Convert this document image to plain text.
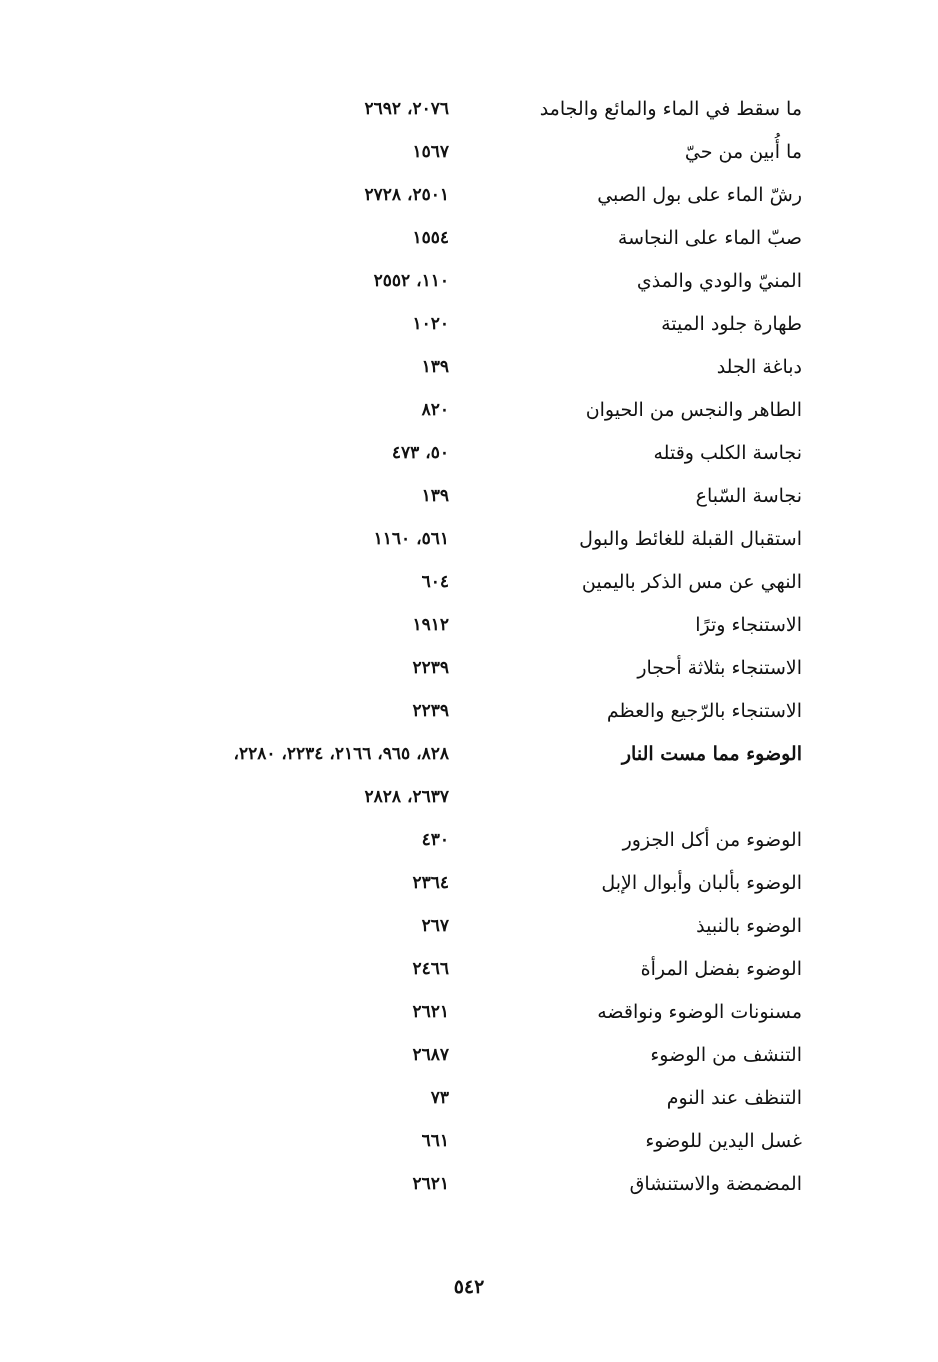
ما سقط في الماء والمائع والجامد
٢٠٧٦، ٢٦٩٢
ما أُبين من حيّ
١٥٦٧
رشّ الماء على بول الصبي
٢٥٠١، ٢٧٢٨
صبّ الماء على النجاسة
١٥٥٤
المنيّ والودي والمذي
١١٠، ٢٥٥٢
طهارة جلود الميتة
١٠٢٠
دباغة الجلد
١٣٩
الطاهر والنجس من الحيوان
٨٢٠
نجاسة الكلب وقتله
٥٠، ٤٧٣
نجاسة السّباع
١٣٩
استقبال القبلة للغائط والبول
٥٦١، ١١٦٠
النهي عن مس الذكر باليمين
٦٠٤
الاستنجاء وترًا
١٩١٢
الاستنجاء بثلاثة أحجار
٢٢٣٩
الاستنجاء بالرّجيع والعظم
٢٢٣٩
الوضوء مما مست النار
٨٢٨، ٩٦٥، ٢١٦٦، ٢٢٣٤، ٢٢٨٠،
٢٦٣٧، ٢٨٢٨
الوضوء من أكل الجزور
٤٣٠
الوضوء بألبان وأبوال الإبل
٢٣٦٤
الوضوء بالنبيذ
٢٦٧
الوضوء بفضل المرأة
٢٤٦٦
مسنونات الوضوء ونواقضه
٢٦٢١
التنشف من الوضوء
٢٦٨٧
التنظف عند النوم
٧٣
غسل اليدين للوضوء
٦٦١
المضمضة والاستنشاق
٢٦٢١
٥٤٢
